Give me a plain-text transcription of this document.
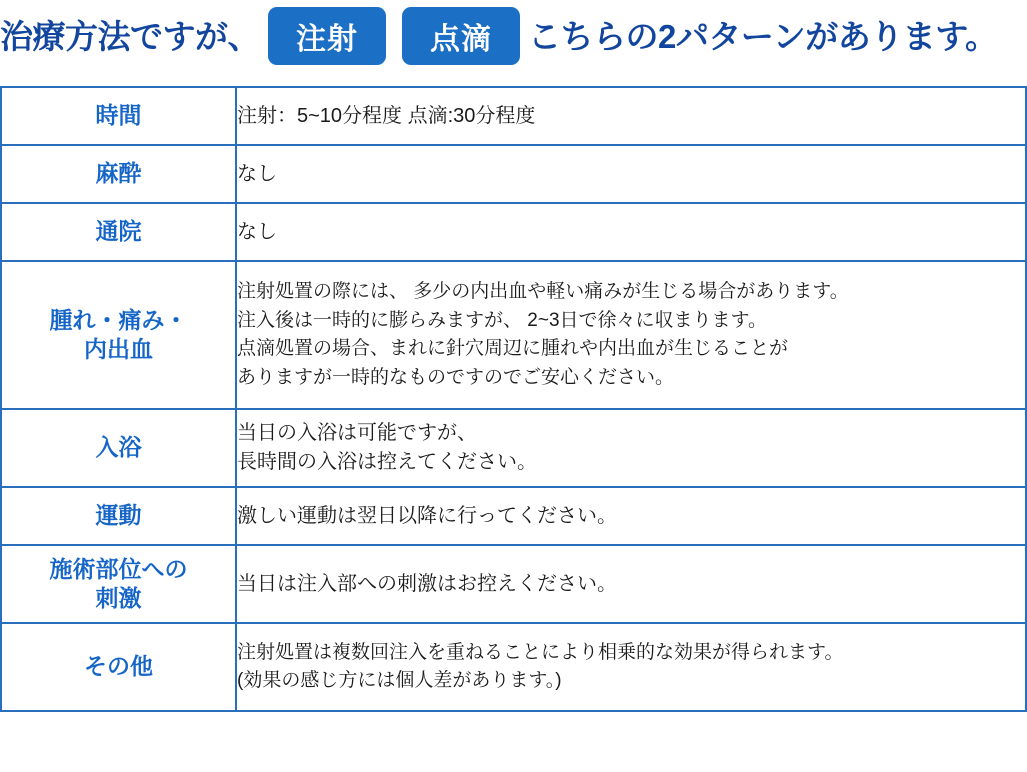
治療方法ですが、	注射	点滴	こちらの2パターンがあります。
時間	注射：5~10分程度 点滴:30分程度

麻酔	なし

通院	なし

腫れ・痛み・
内出血	注射処置の際には、 多少の内出血や軽い痛みが生じる場合があります。
注入後は一時的に膨らみますが、 2~3日で徐々に収まります。
点滴処置の場合、まれに針穴周辺に腫れや内出血が生じることが
ありますが一時的なものですのでご安心ください。

入浴	当日の入浴は可能ですが、
長時間の入浴は控えてください。

運動	激しい運動は翌日以降に行ってください。

施術部位への
刺激	当日は注入部への刺激はお控えください。

その他	注射処置は複数回注入を重ねることにより相乗的な効果が得られます。
(効果の感じ方には個人差があります。)
